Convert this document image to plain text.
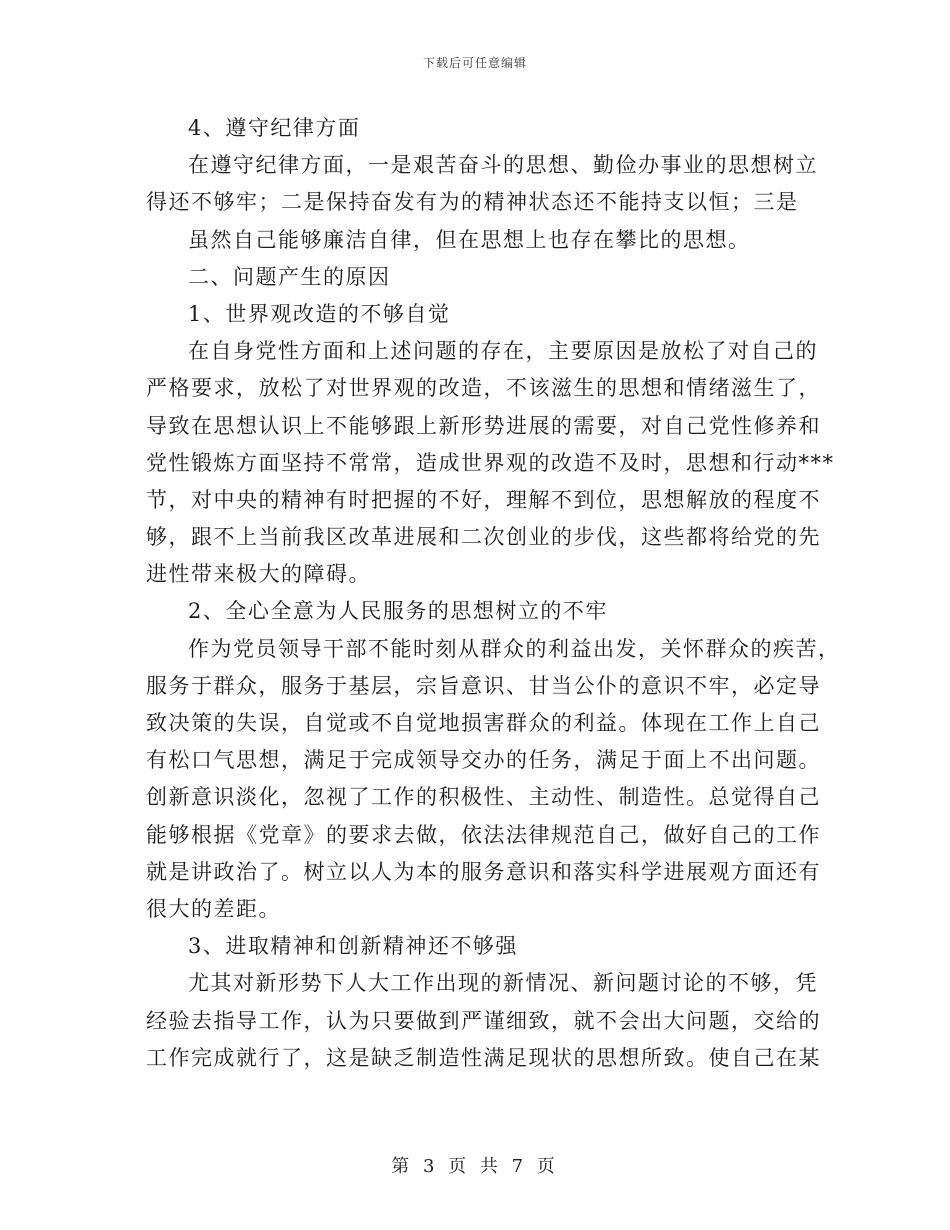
下载后可任意编辑
4、遵守纪律方面
在遵守纪律方面，一是艰苦奋斗的思想、勤俭办事业的思想树立
得还不够牢；二是保持奋发有为的精神状态还不能持支以恒；三是
虽然自己能够廉洁自律，但在思想上也存在攀比的思想。
二、问题产生的原因
1、世界观改造的不够自觉
在自身党性方面和上述问题的存在，主要原因是放松了对自己的
严格要求，放松了对世界观的改造，不该滋生的思想和情绪滋生了，
导致在思想认识上不能够跟上新形势进展的需要，对自己党性修养和
党性锻炼方面坚持不常常，造成世界观的改造不及时，思想和行动***
节，对中央的精神有时把握的不好，理解不到位，思想解放的程度不
够，跟不上当前我区改革进展和二次创业的步伐，这些都将给党的先
进性带来极大的障碍。
2、全心全意为人民服务的思想树立的不牢
作为党员领导干部不能时刻从群众的利益出发，关怀群众的疾苦，
服务于群众，服务于基层，宗旨意识、甘当公仆的意识不牢，必定导
致决策的失误，自觉或不自觉地损害群众的利益。体现在工作上自己
有松口气思想，满足于完成领导交办的任务，满足于面上不出问题。
创新意识淡化，忽视了工作的积极性、主动性、制造性。总觉得自己
能够根据《党章》的要求去做，依法法律规范自己，做好自己的工作
就是讲政治了。树立以人为本的服务意识和落实科学进展观方面还有
很大的差距。
3、进取精神和创新精神还不够强
尤其对新形势下人大工作出现的新情况、新问题讨论的不够，凭
经验去指导工作，认为只要做到严谨细致，就不会出大问题，交给的
工作完成就行了，这是缺乏制造性满足现状的思想所致。使自己在某
第 3 页 共 7 页
